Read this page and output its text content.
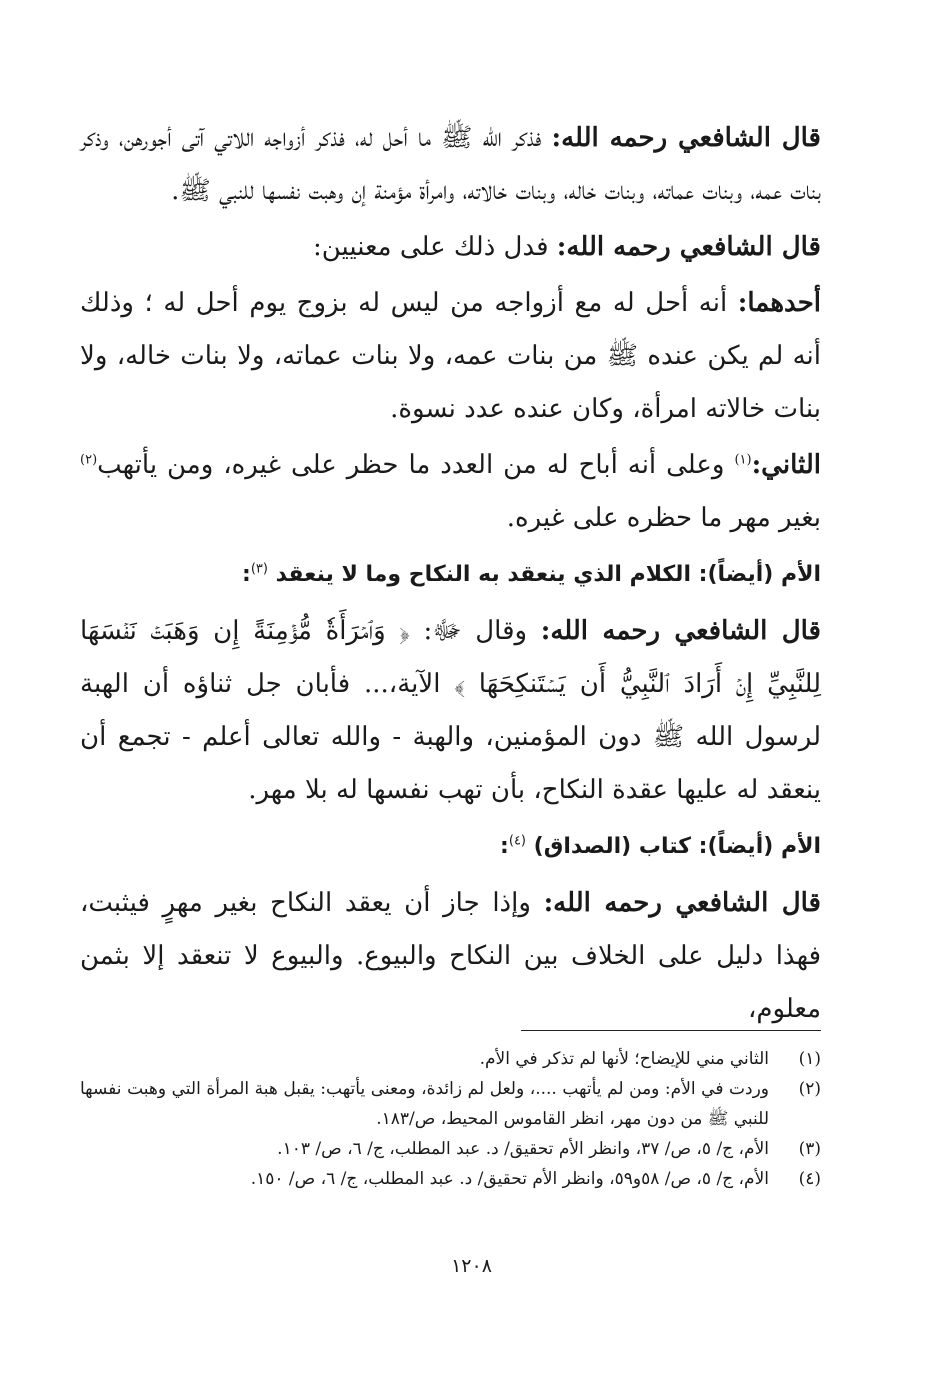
قال الشافعي رحمه الله: فذكر الله ﷺ ما أحل له، فذكر أزواجه اللاتي آتى أجورهن، وذكر بنات عمه، وبنات عماته، وبنات خاله، وبنات خالاته، وامرأة مؤمنة إن وهبت نفسها للنبي ﷺ.

قال الشافعي رحمه الله: فدل ذلك على معنيين:

أحدهما: أنه أحل له مع أزواجه من ليس له بزوج يوم أحل له ؛ وذلك أنه لم يكن عنده ﷺ من بنات عمه، ولا بنات عماته، ولا بنات خاله، ولا بنات خالاته امرأة، وكان عنده عدد نسوة.

الثاني:$^{(١)}$ وعلى أنه أباح له من العدد ما حظر على غيره، ومن يأتهب$^{(٢)}$ بغير مهر ما حظره على غيره.

الأم (أيضاً): الكلام الذي ينعقد به النكاح وما لا ينعقد $^{(٣)}$:

قال الشافعي رحمه الله: وقال ﷻ: ﴿ وَٱمۡرَأَةٗ مُّؤۡمِنَةً إِن وَهَبَتۡ نَفۡسَهَا لِلنَّبِيِّ إِنۡ أَرَادَ ٱلنَّبِيُّ أَن يَسۡتَنكِحَهَا ﴾ الآية،... فأبان جل ثناؤه أن الهبة لرسول الله ﷺ دون المؤمنين، والهبة - والله تعالى أعلم - تجمع أن ينعقد له عليها عقدة النكاح، بأن تهب نفسها له بلا مهر.

الأم (أيضاً): كتاب (الصداق) $^{(٤)}$:

قال الشافعي رحمه الله: وإذا جاز أن يعقد النكاح بغير مهرٍ فيثبت، فهذا دليل على الخلاف بين النكاح والبيوع. والبيوع لا تنعقد إلا بثمن معلوم،

(١)
الثاني مني للإيضاح؛ لأنها لم تذكر في الأم.
(٢)
وردت في الأم: ومن لم يأتهب ....، ولعل لم زائدة، ومعنى يأتهب: يقبل هبة المرأة التي وهبت نفسها للنبي ﷺ من دون مهر، انظر القاموس المحيط، ص/١٨٣.
(٣)
الأم، ج/ ٥، ص/ ٣٧، وانظر الأم تحقيق/ د. عبد المطلب، ج/ ٦، ص/ ١٠٣.
(٤)
الأم، ج/ ٥، ص/ ٥٨و٥٩، وانظر الأم تحقيق/ د. عبد المطلب، ج/ ٦، ص/ ١٥٠.
١٢٠٨
